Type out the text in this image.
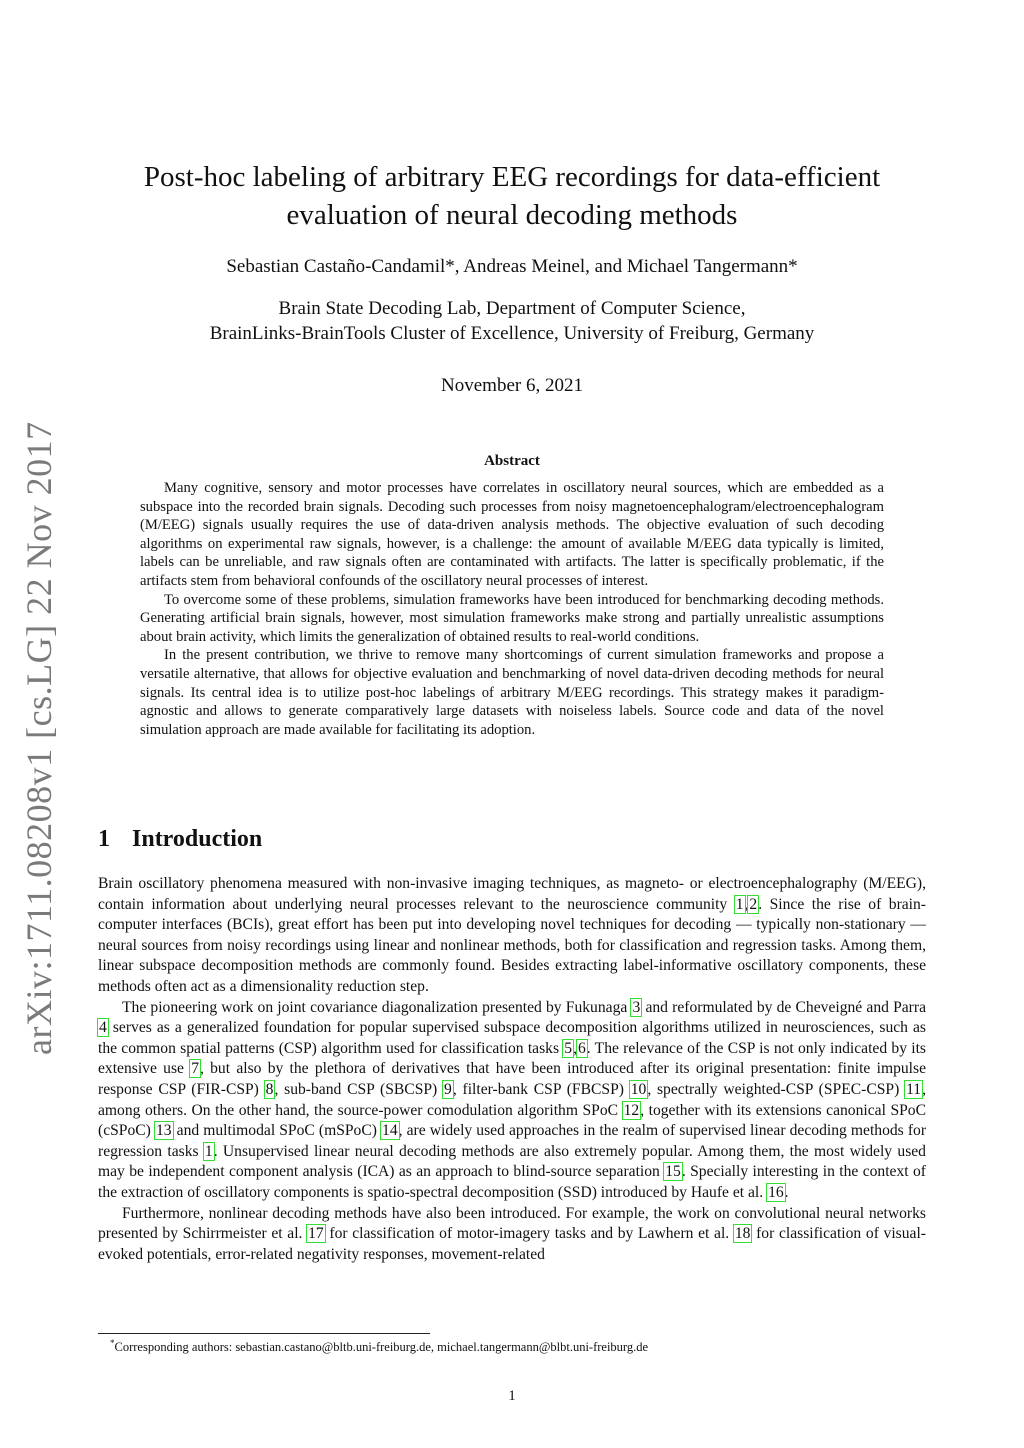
arXiv:1711.08208v1 [cs.LG] 22 Nov 2017
Post-hoc labeling of arbitrary EEG recordings for data-efficient
evaluation of neural decoding methods
Sebastian Castaño-Candamil*, Andreas Meinel, and Michael Tangermann*
Brain State Decoding Lab, Department of Computer Science,
BrainLinks-BrainTools Cluster of Excellence, University of Freiburg, Germany
November 6, 2021
Abstract

Many cognitive, sensory and motor processes have correlates in oscillatory neural sources, which are embedded as a subspace into the recorded brain signals. Decoding such processes from noisy magnetoencephalogram/electroencephalogram (M/EEG) signals usually requires the use of data-driven analysis methods. The objective evaluation of such decoding algorithms on experimental raw signals, however, is a challenge: the amount of available M/EEG data typically is limited, labels can be unreliable, and raw signals often are contaminated with artifacts. The latter is specifically problematic, if the artifacts stem from behavioral confounds of the oscillatory neural processes of interest.

To overcome some of these problems, simulation frameworks have been introduced for benchmarking decoding methods. Generating artificial brain signals, however, most simulation frameworks make strong and partially unrealistic assumptions about brain activity, which limits the generalization of obtained results to real-world conditions.

In the present contribution, we thrive to remove many shortcomings of current simulation frameworks and propose a versatile alternative, that allows for objective evaluation and benchmarking of novel data-driven decoding methods for neural signals. Its central idea is to utilize post-hoc labelings of arbitrary M/EEG recordings. This strategy makes it paradigm-agnostic and allows to generate comparatively large datasets with noiseless labels. Source code and data of the novel simulation approach are made available for facilitating its adoption.

1 Introduction

Brain oscillatory phenomena measured with non-invasive imaging techniques, as magneto- or electroencephalography (M/EEG), contain information about underlying neural processes relevant to the neuroscience community 1,2. Since the rise of brain-computer interfaces (BCIs), great effort has been put into developing novel techniques for decoding — typically non-stationary — neural sources from noisy recordings using linear and nonlinear methods, both for classification and regression tasks. Among them, linear subspace decomposition methods are commonly found. Besides extracting label-informative oscillatory components, these methods often act as a dimensionality reduction step.

The pioneering work on joint covariance diagonalization presented by Fukunaga 3 and reformulated by de Cheveigné and Parra 4 serves as a generalized foundation for popular supervised subspace decomposition algorithms utilized in neurosciences, such as the common spatial patterns (CSP) algorithm used for classification tasks 5,6. The relevance of the CSP is not only indicated by its extensive use 7, but also by the plethora of derivatives that have been introduced after its original presentation: finite impulse response CSP (FIR-CSP) 8, sub-band CSP (SBCSP) 9, filter-bank CSP (FBCSP) 10, spectrally weighted-CSP (SPEC-CSP) 11, among others. On the other hand, the source-power comodulation algorithm SPoC 12, together with its extensions canonical SPoC (cSPoC) 13 and multimodal SPoC (mSPoC) 14, are widely used approaches in the realm of supervised linear decoding methods for regression tasks 1. Unsupervised linear neural decoding methods are also extremely popular. Among them, the most widely used may be independent component analysis (ICA) as an approach to blind-source separation 15. Specially interesting in the context of the extraction of oscillatory components is spatio-spectral decomposition (SSD) introduced by Haufe et al. 16.

Furthermore, nonlinear decoding methods have also been introduced. For example, the work on convolutional neural networks presented by Schirrmeister et al. 17 for classification of motor-imagery tasks and by Lawhern et al. 18 for classification of visual-evoked potentials, error-related negativity responses, movement-related

*Corresponding authors: sebastian.castano@bltb.uni-freiburg.de, michael.tangermann@blbt.uni-freiburg.de
1
